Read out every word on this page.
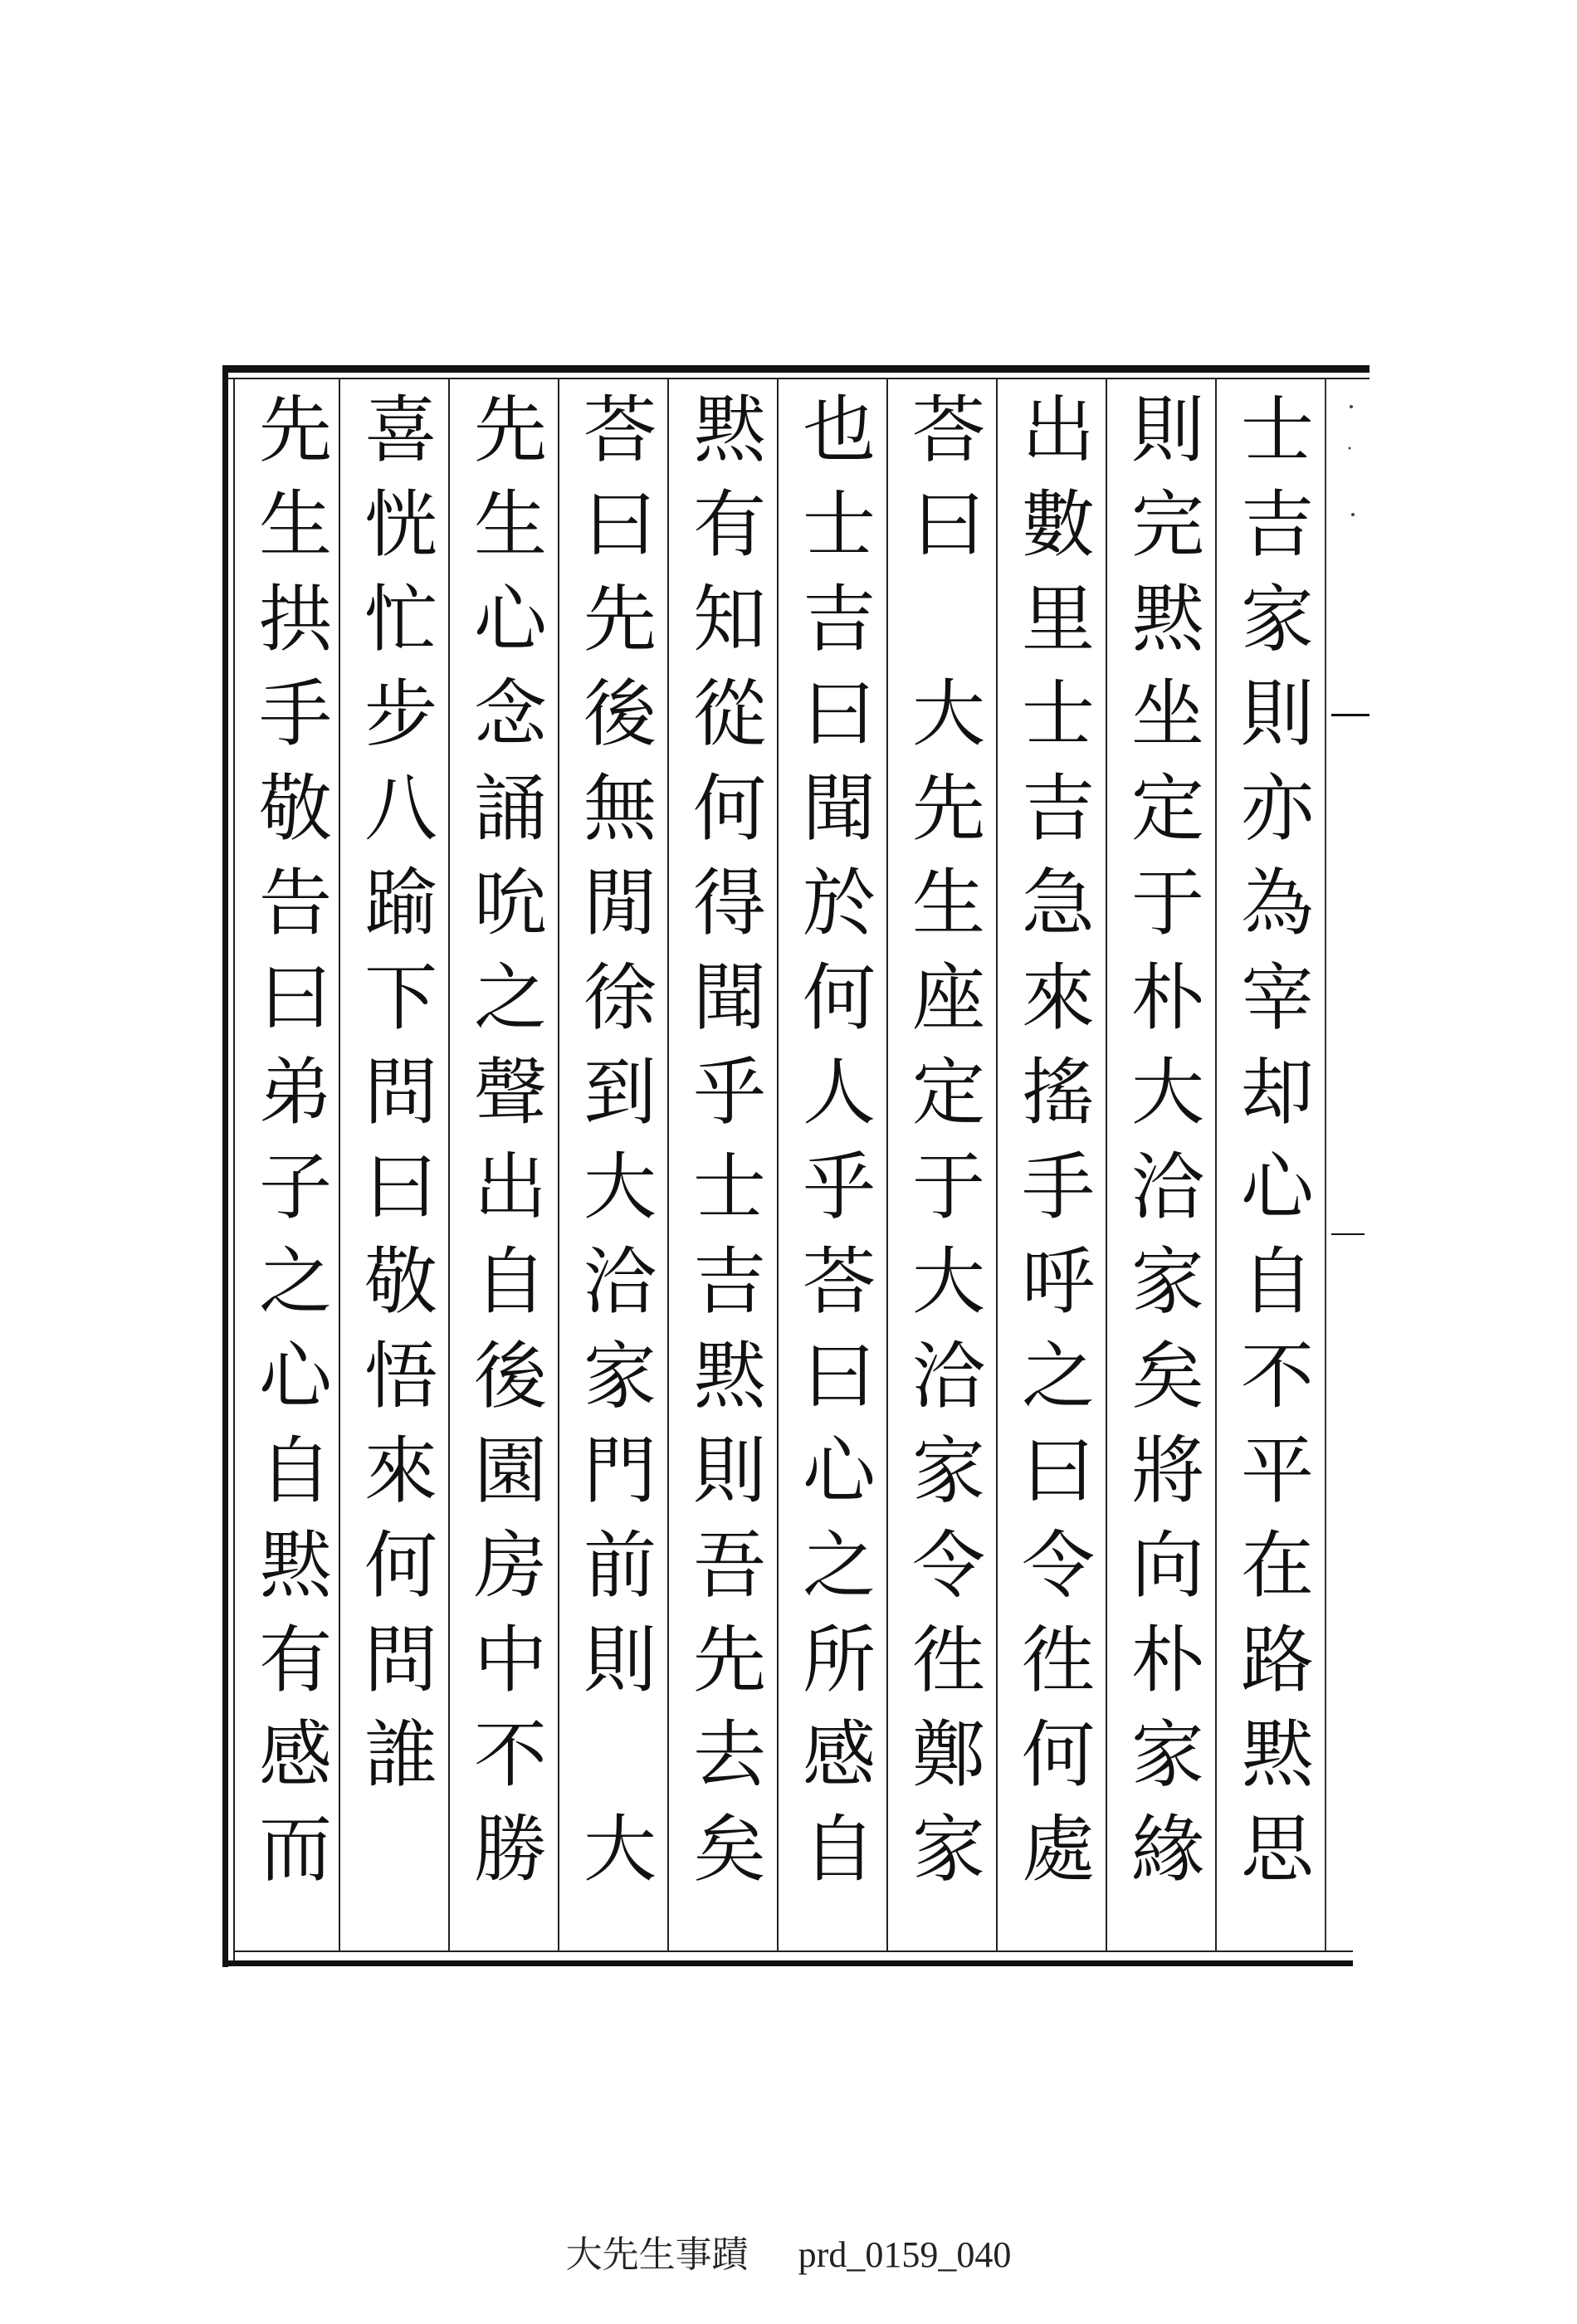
士吉家則亦為宰却心自不平在路黙思
則完黙坐定于朴大洽家矣將向朴家緣
出數里士吉急來搖手呼之曰令徃何處
荅曰　大先生座定于大洽家令徃鄭家
也士吉曰聞於何人乎荅曰心之所感自
黙有知從何得聞乎士吉黙則吾先去矣
荅曰先後無閒徐到大洽家門前則　大
先生心念誦吮之聲出自後園房中不勝
喜恍忙步八踰下問曰敬悟來何問誰
先生拱手敬告曰弟子之心自黙有感而
大先生事蹟 prd_0159_040
